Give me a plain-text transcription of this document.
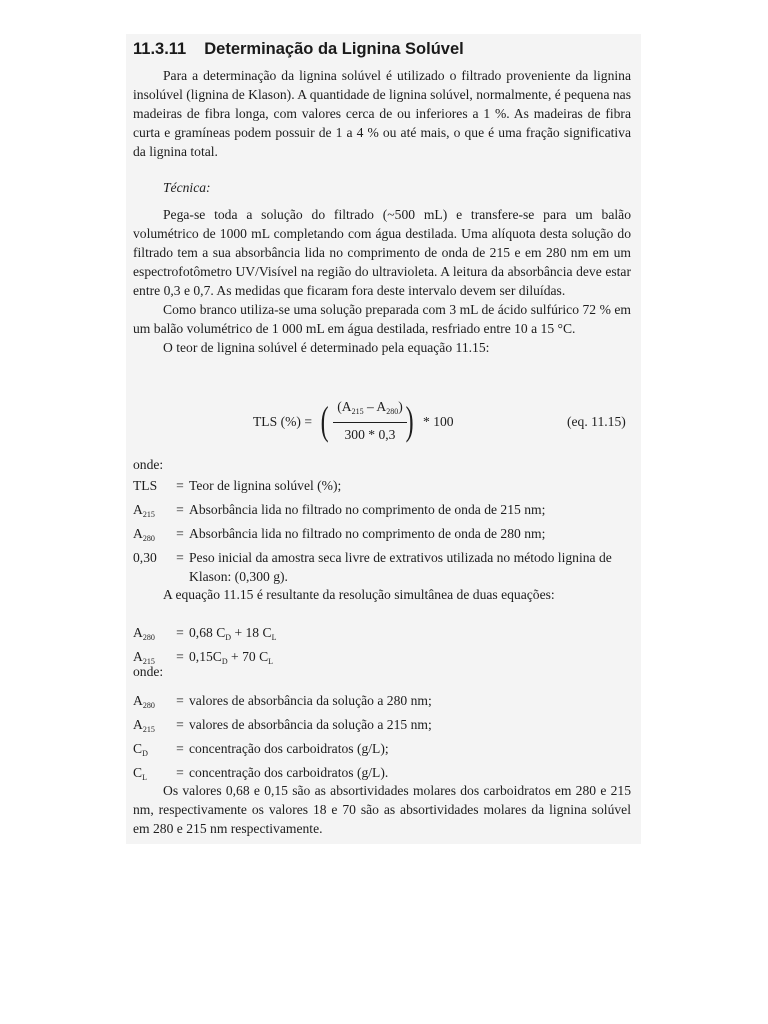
11.3.11 Determinação da Lignina Solúvel

Para a determinação da lignina solúvel é utilizado o filtrado proveniente da lignina insolúvel (lignina de Klason). A quantidade de lignina solúvel, normalmente, é pequena nas madeiras de fibra longa, com valores cerca de ou inferiores a 1 %. As madeiras de fibra curta e gramíneas podem possuir de 1 a 4 % ou até mais, o que é uma fração significativa da lignina total.

Técnica:

Pega-se toda a solução do filtrado (~500 mL) e transfere-se para um balão volumétrico de 1000 mL completando com água destilada. Uma alíquota desta solução do filtrado tem a sua absorbância lida no comprimento de onda de 215 e em 280 nm em um espectrofotômetro UV/Visível na região do ultravioleta. A leitura da absorbância deve estar entre 0,3 e 0,7. As medidas que ficaram fora deste intervalo devem ser diluídas.

Como branco utiliza-se uma solução preparada com 3 mL de ácido sulfúrico 72 % em um balão volumétrico de 1 000 mL em água destilada, resfriado entre 10 a 15 °C.

O teor de lignina solúvel é determinado pela equação 11.15:

TLS (%) = ( $(A_{215} - A_{280})$
300 * 0,3 ) * 100	(eq. 11.15)
onde:
TLS	= Teor de lignina solúvel (%);
$A_{215}$	= Absorbância lida no filtrado no comprimento de onda de 215 nm;
$A_{280}$	= Absorbância lida no filtrado no comprimento de onda de 280 nm;
0,30	= Peso inicial da amostra seca livre de extrativos utilizada no método lignina de Klason: (0,300 g).

A equação 11.15 é resultante da resolução simultânea de duas equações:

$A_{280}$	= 0,68 $C_D + 18$ $C_L$
$A_{215}$	= $0,15C_D + 70$ $C_L$
onde:
$A_{280}$	= valores de absorbância da solução a 280 nm;
$A_{215}$	= valores de absorbância da solução a 215 nm;
$C_D$	= concentração dos carboidratos (g/L);
$C_L$	= concentração dos carboidratos (g/L).

Os valores 0,68 e 0,15 são as absortividades molares dos carboidratos em 280 e 215 nm, respectivamente os valores 18 e 70 são as absortividades molares da lignina solúvel em 280 e 215 nm respectivamente.
